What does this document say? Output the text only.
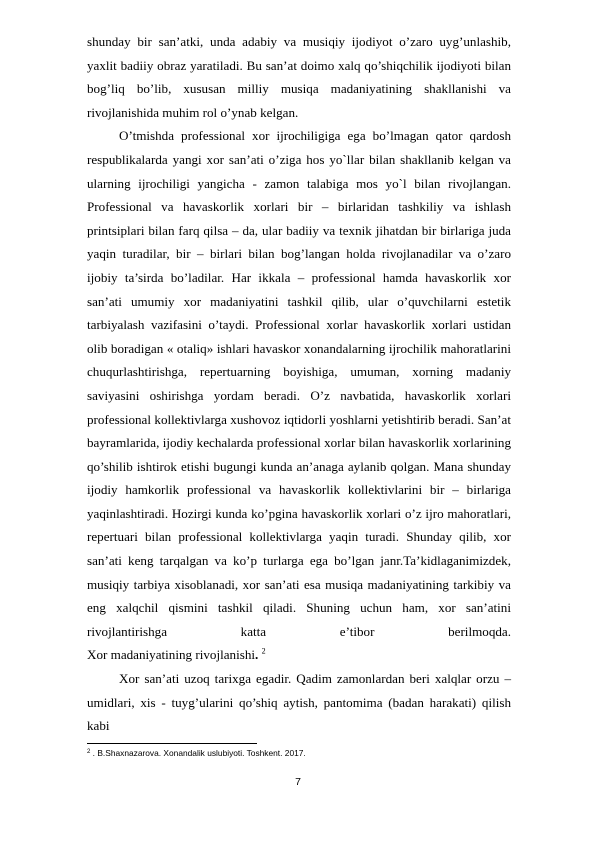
shunday bir san’atki, unda adabiy va musiqiy ijodiyot o’zaro uyg’unlashib, yaxlit badiiy obraz yaratiladi. Bu san’at doimo xalq qo’shiqchilik ijodiyoti bilan bog’liq bo’lib, xususan milliy musiqa madaniyatining shakllanishi va rivojlanishida muhim rol o’ynab kelgan.

O’tmishda professional xor ijrochiligiga ega bo’lmagan qator qardosh respublikalarda yangi xor san’ati o’ziga hos yo`llar bilan shakllanib kelgan va ularning ijrochiligi yangicha - zamon talabiga mos yo`l bilan rivojlangan. Professional va havaskorlik xorlari bir – birlaridan tashkiliy va ishlash printsiplari bilan farq qilsa – da, ular badiiy va texnik jihatdan bir birlariga juda yaqin turadilar, bir – birlari bilan bog’langan holda rivojlanadilar va o’zaro ijobiy ta’sirda bo’ladilar. Har ikkala – professional hamda havaskorlik xor san’ati umumiy xor madaniyatini tashkil qilib, ular o’quvchilarni estetik tarbiyalash vazifasini o’taydi. Professional xorlar havaskorlik xorlari ustidan olib boradigan « otaliq» ishlari havaskor xonandalarning ijrochilik mahoratlarini chuqurlashtirishga, repertuarning boyishiga, umuman, xorning madaniy saviyasini oshirishga yordam beradi. O’z navbatida, havaskorlik xorlari professional kollektivlarga xushovoz iqtidorli yoshlarni yetishtirib beradi. San’at bayramlarida, ijodiy kechalarda professional xorlar bilan havaskorlik xorlarining qo’shilib ishtirok etishi bugungi kunda an’anaga aylanib qolgan. Mana shunday ijodiy hamkorlik professional va havaskorlik kollektivlarini bir – birlariga yaqinlashtiradi. Hozirgi kunda ko’pgina havaskorlik xorlari o’z ijro mahoratlari, repertuari bilan professional kollektivlarga yaqin turadi. Shunday qilib, xor san’ati keng tarqalgan va ko’p turlarga ega bo’lgan janr.Ta’kidlaganimizdek, musiqiy tarbiya xisoblanadi, xor san’ati esa musiqa madaniyatining tarkibiy va eng xalqchil qismini tashkil qiladi. Shuning uchun ham, xor san’atini rivojlantirishga katta e’tibor berilmoqda.

Xor madaniyatining rivojlanishi. $^2$

Xor san’ati uzoq tarixga egadir. Qadim zamonlardan beri xalqlar orzu – umidlari, xis - tuyg’ularini qo’shiq aytish, pantomima (badan harakati) qilish kabi

$^2$ . B.Shaxnazarova. Xonandalik uslubiyoti. Toshkent. 2017.
7
